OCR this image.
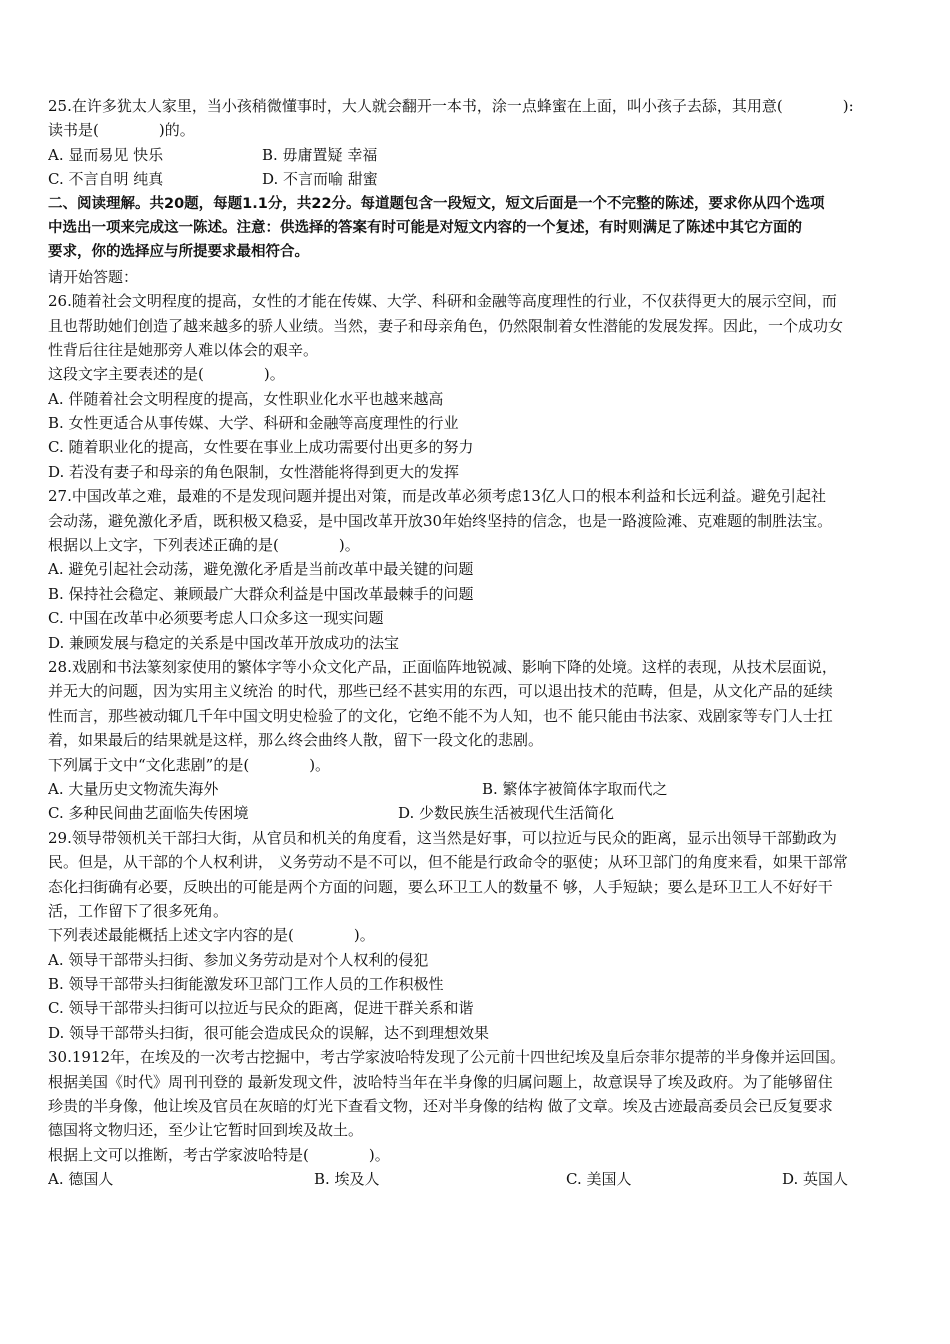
25.在许多犹太人家里，当小孩稍微懂事时，大人就会翻开一本书，涂一点蜂蜜在上面，叫小孩子去舔，其用意(　　　　):
读书是(　　　　)的。
A. 显而易见 快乐	B. 毋庸置疑 幸福
C. 不言自明 纯真	D. 不言而喻 甜蜜
二、阅读理解。共20题，每题1.1分，共22分。每道题包含一段短文，短文后面是一个不完整的陈述，要求你从四个选项
中选出一项来完成这一陈述。注意：供选择的答案有时可能是对短文内容的一个复述，有时则满足了陈述中其它方面的
要求，你的选择应与所提要求最相符合。
请开始答题：
26.随着社会文明程度的提高，女性的才能在传媒、大学、科研和金融等高度理性的行业，不仅获得更大的展示空间，而
且也帮助她们创造了越来越多的骄人业绩。当然，妻子和母亲角色，仍然限制着女性潜能的发展发挥。因此，一个成功女
性背后往往是她那旁人难以体会的艰辛。
这段文字主要表述的是(　　　　)。
A. 伴随着社会文明程度的提高，女性职业化水平也越来越高
B. 女性更适合从事传媒、大学、科研和金融等高度理性的行业
C. 随着职业化的提高，女性要在事业上成功需要付出更多的努力
D. 若没有妻子和母亲的角色限制，女性潜能将得到更大的发挥
27.中国改革之难，最难的不是发现问题并提出对策，而是改革必须考虑13亿人口的根本利益和长远利益。避免引起社
会动荡，避免激化矛盾，既积极又稳妥，是中国改革开放30年始终坚持的信念，也是一路渡险滩、克难题的制胜法宝。
根据以上文字，下列表述正确的是(　　　　)。
A. 避免引起社会动荡，避免激化矛盾是当前改革中最关键的问题
B. 保持社会稳定、兼顾最广大群众利益是中国改革最棘手的问题
C. 中国在改革中必须要考虑人口众多这一现实问题
D. 兼顾发展与稳定的关系是中国改革开放成功的法宝
28.戏剧和书法篆刻家使用的繁体字等小众文化产品，正面临阵地锐减、影响下降的处境。这样的表现，从技术层面说，
并无大的问题，因为实用主义统治 的时代，那些已经不甚实用的东西，可以退出技术的范畴，但是，从文化产品的延续
性而言，那些被动辄几千年中国文明史检验了的文化，它绝不能不为人知，也不 能只能由书法家、戏剧家等专门人士扛
着，如果最后的结果就是这样，那么终会曲终人散，留下一段文化的悲剧。
下列属于文中“文化悲剧”的是(　　　　)。
A. 大量历史文物流失海外	B. 繁体字被简体字取而代之
C. 多种民间曲艺面临失传困境	D. 少数民族生活被现代生活简化
29.领导带领机关干部扫大街，从官员和机关的角度看，这当然是好事，可以拉近与民众的距离，显示出领导干部勤政为
民。但是，从干部的个人权利讲， 义务劳动不是不可以，但不能是行政命令的驱使；从环卫部门的角度来看，如果干部常
态化扫街确有必要，反映出的可能是两个方面的问题，要么环卫工人的数量不 够，人手短缺；要么是环卫工人不好好干
活，工作留下了很多死角。
下列表述最能概括上述文字内容的是(　　　　)。
A. 领导干部带头扫街、参加义务劳动是对个人权利的侵犯
B. 领导干部带头扫街能激发环卫部门工作人员的工作积极性
C. 领导干部带头扫街可以拉近与民众的距离，促进干群关系和谐
D. 领导干部带头扫街，很可能会造成民众的误解，达不到理想效果
30.1912年，在埃及的一次考古挖掘中，考古学家波哈特发现了公元前十四世纪埃及皇后奈菲尔提蒂的半身像并运回国。
根据美国《时代》周刊刊登的 最新发现文件，波哈特当年在半身像的归属问题上，故意误导了埃及政府。为了能够留住
珍贵的半身像，他让埃及官员在灰暗的灯光下查看文物，还对半身像的结构 做了文章。埃及古迹最高委员会已反复要求
德国将文物归还，至少让它暂时回到埃及故土。
根据上文可以推断，考古学家波哈特是(　　　　)。
A. 德国人	B. 埃及人	C. 美国人	D. 英国人
